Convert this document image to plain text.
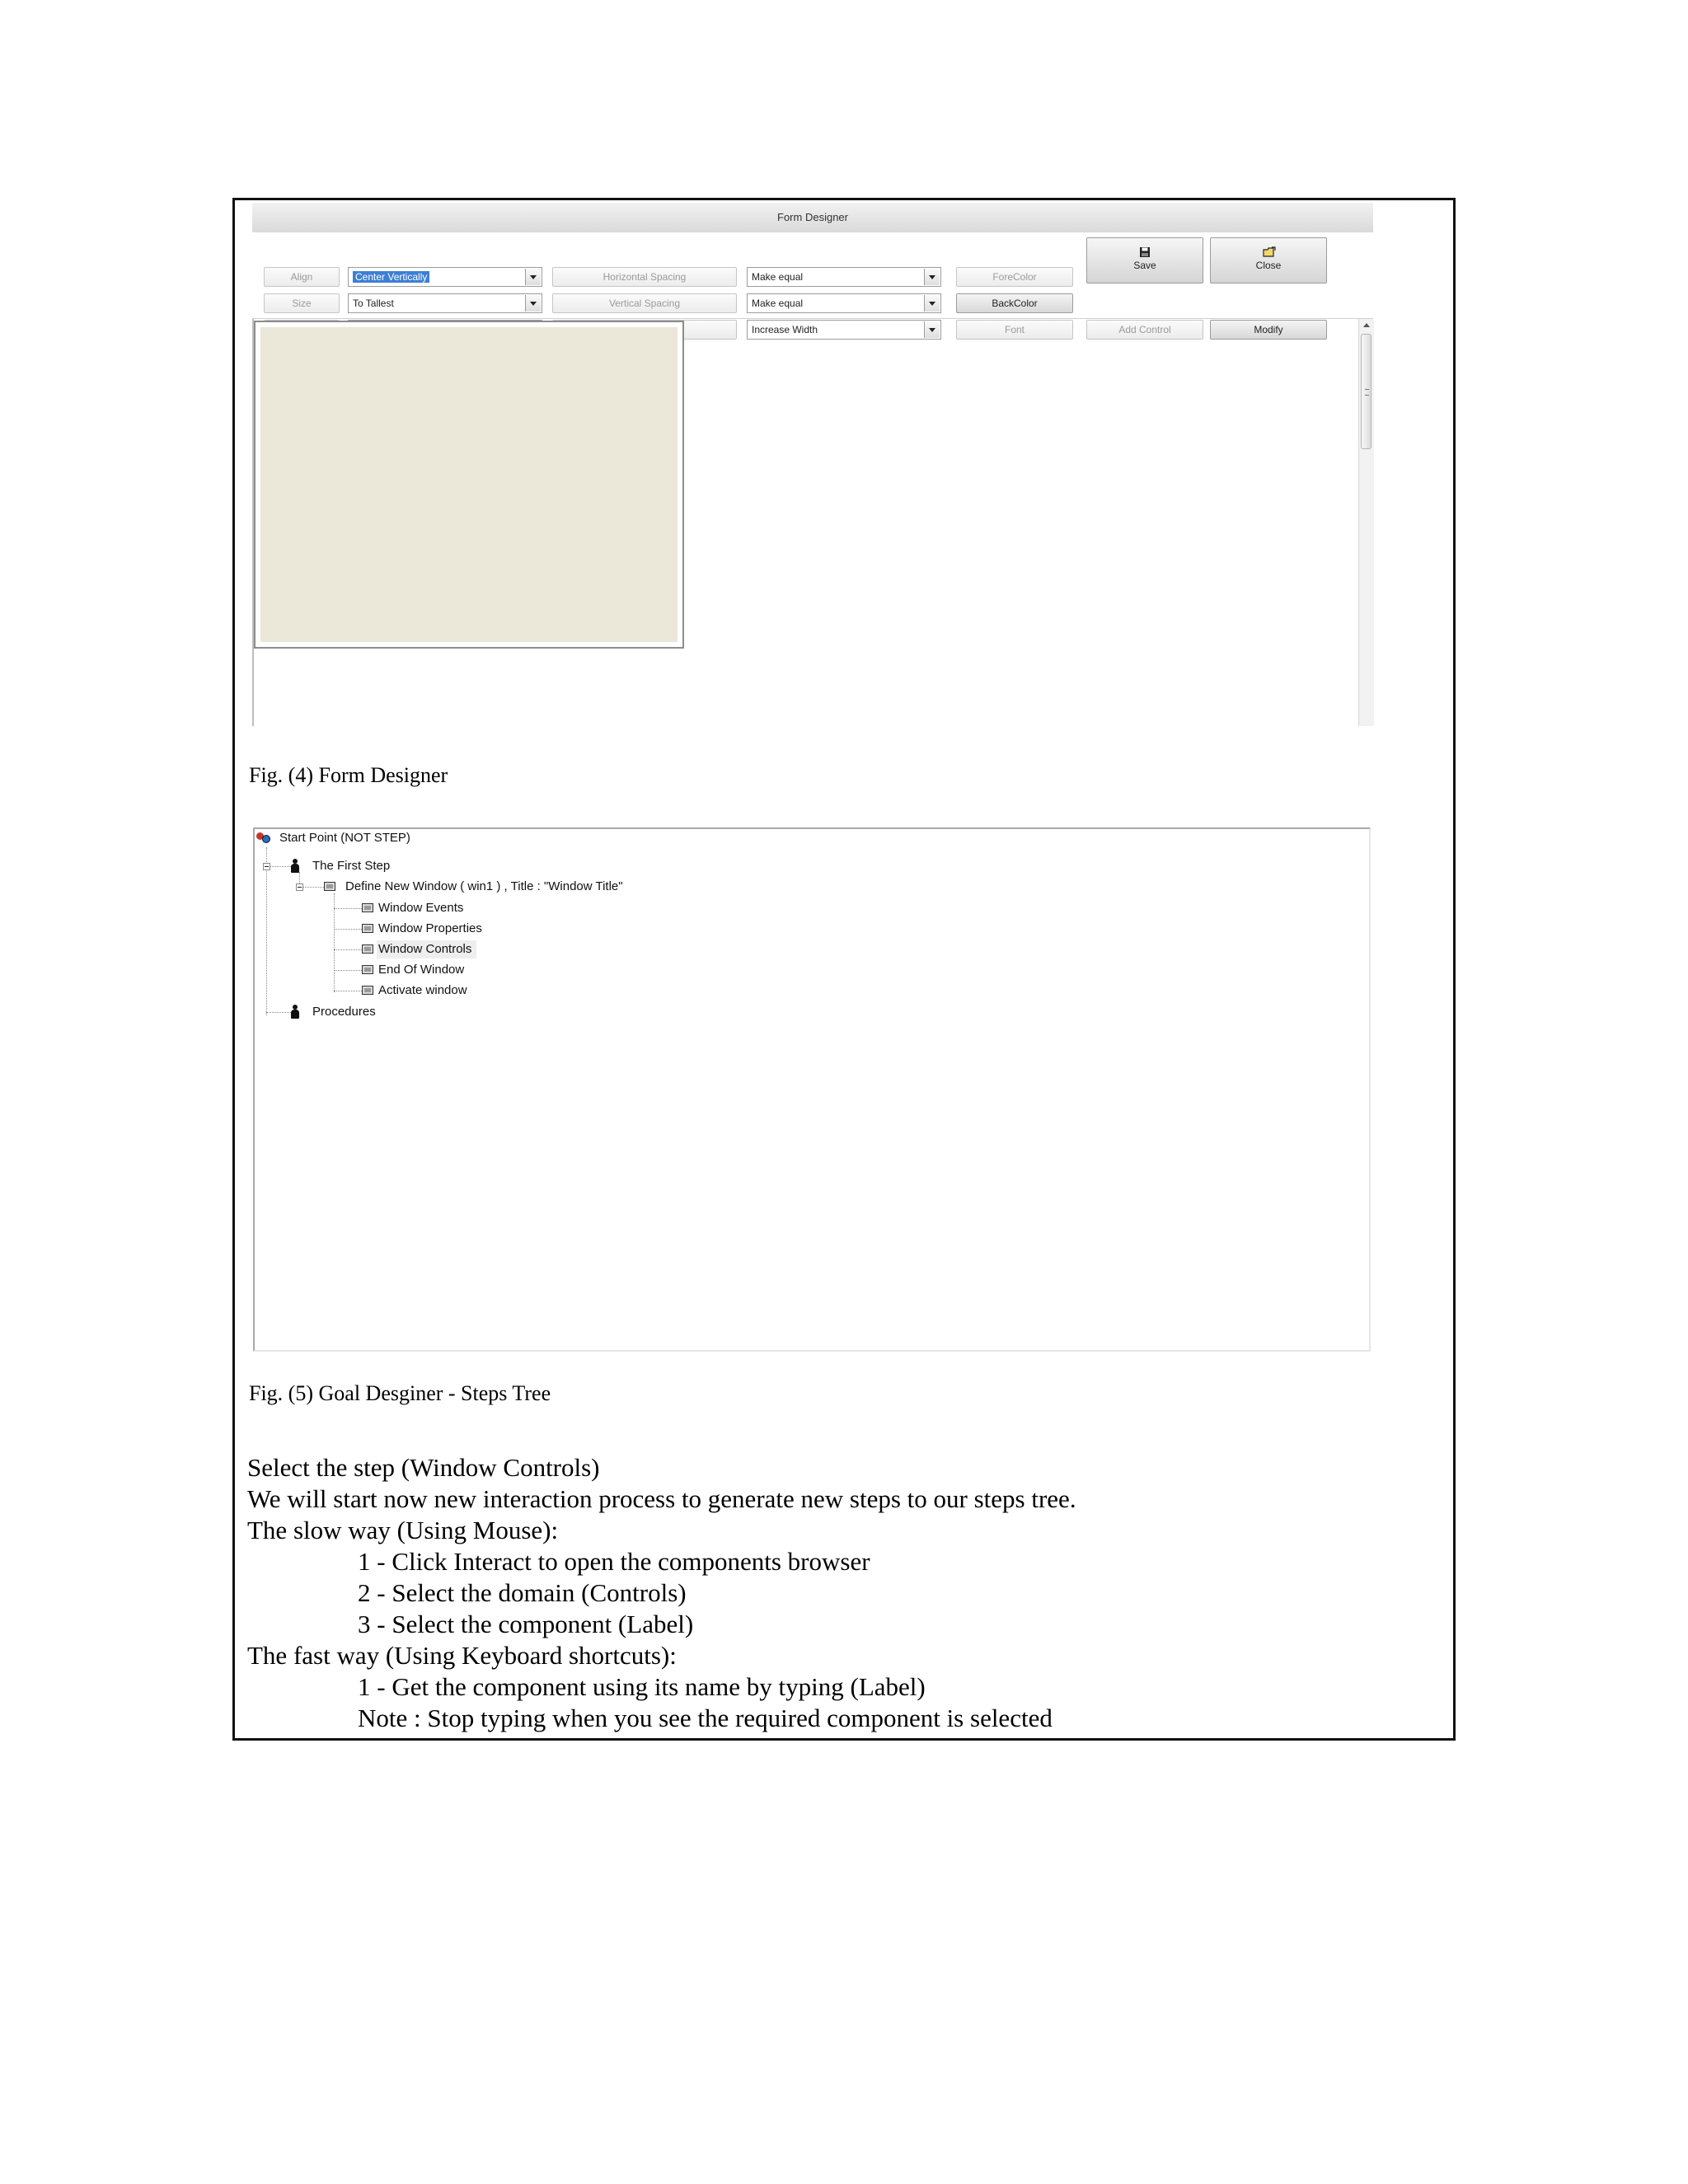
Form Designer
Align	Center Vertically	Horizontal Spacing	Make equal	ForeColor
Size	To Tallest	Vertical Spacing	Make equal	BackColor
Increase Width	Font	Add Control	Modify
Save	Close
Fig. (4) Form Designer
Start Point (NOT STEP)
The First Step
Define New Window ( win1 ) , Title : "Window Title"
Window Events
Window Properties
Window Controls
End Of Window
Activate window
Procedures
Fig. (5) Goal Desginer - Steps Tree
Select the step (Window Controls)
We will start now new interaction process to generate new steps to our steps tree.
The slow way (Using Mouse):
1 - Click Interact to open the components browser
2 - Select the domain (Controls)
3 - Select the component (Label)
The fast way (Using Keyboard shortcuts):
1 - Get the component using its name by typing (Label)
Note : Stop typing when you see the required component is selected
